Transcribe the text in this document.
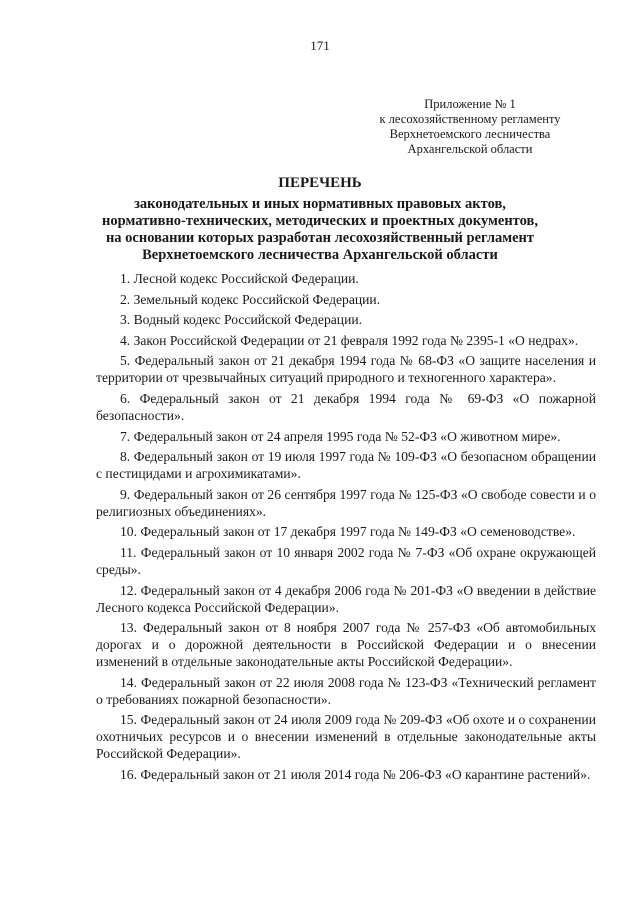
171
Приложение № 1
к лесохозяйственному регламенту
Верхнетоемского лесничества
Архангельской области
ПЕРЕЧЕНЬ
законодательных и иных нормативных правовых актов,
нормативно-технических, методических и проектных документов,
на основании которых разработан лесохозяйственный регламент
Верхнетоемского лесничества Архангельской области

1. Лесной кодекс Российской Федерации.

2. Земельный кодекс Российской Федерации.

3. Водный кодекс Российской Федерации.

4. Закон Российской Федерации от 21 февраля 1992 года № 2395-1 «О недрах».

5. Федеральный закон от 21 декабря 1994 года № 68-ФЗ «О защите населения и территории от чрезвычайных ситуаций природного и техногенного характера».

6. Федеральный закон от 21 декабря 1994 года № 69-ФЗ «О пожарной безопасности».

7. Федеральный закон от 24 апреля 1995 года № 52-ФЗ «О животном мире».

8. Федеральный закон от 19 июля 1997 года № 109-ФЗ «О безопасном обращении с пестицидами и агрохимикатами».

9. Федеральный закон от 26 сентября 1997 года № 125-ФЗ «О свободе совести и о религиозных объединениях».

10. Федеральный закон от 17 декабря 1997 года № 149-ФЗ «О семеноводстве».

11. Федеральный закон от 10 января 2002 года № 7-ФЗ «Об охране окружающей среды».

12. Федеральный закон от 4 декабря 2006 года № 201-ФЗ «О введении в действие Лесного кодекса Российской Федерации».

13. Федеральный закон от 8 ноября 2007 года № 257-ФЗ «Об автомобильных дорогах и о дорожной деятельности в Российской Федерации и о внесении изменений в отдельные законодательные акты Российской Федерации».

14. Федеральный закон от 22 июля 2008 года № 123-ФЗ «Технический регламент о требованиях пожарной безопасности».

15. Федеральный закон от 24 июля 2009 года № 209-ФЗ «Об охоте и о сохранении охотничьих ресурсов и о внесении изменений в отдельные законодательные акты Российской Федерации».

16. Федеральный закон от 21 июля 2014 года № 206-ФЗ «О карантине растений».
